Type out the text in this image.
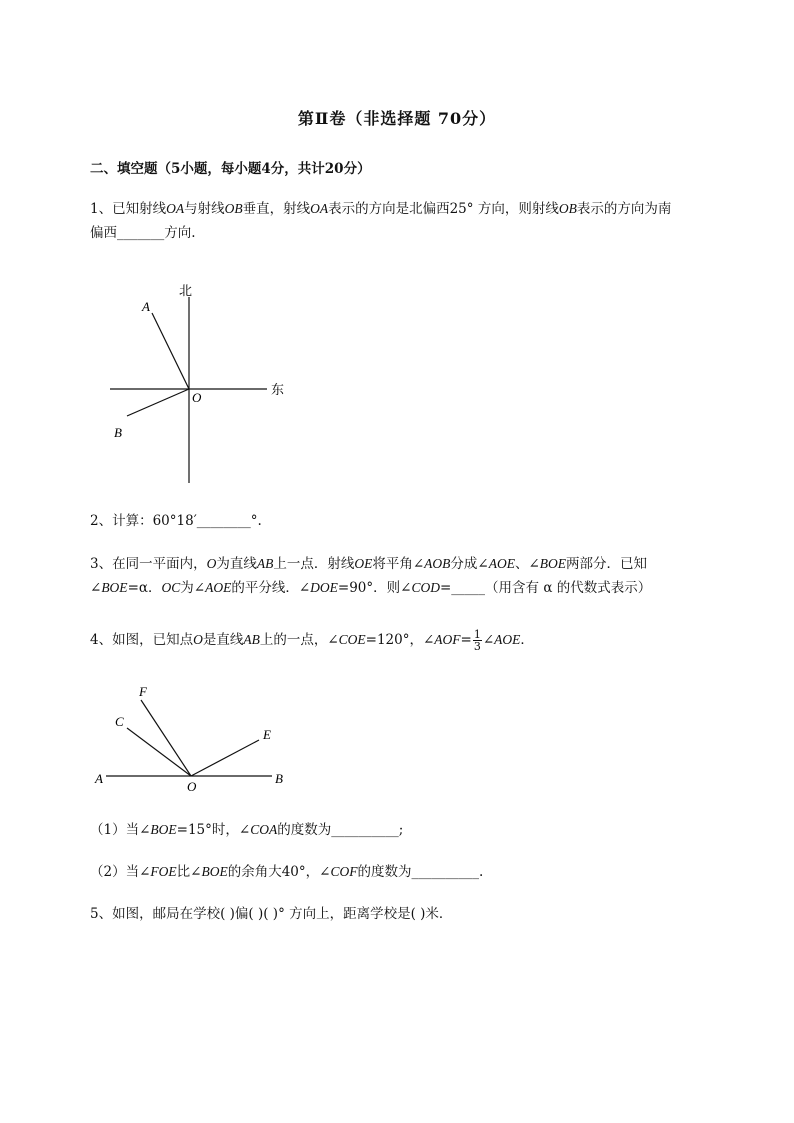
第Ⅱ卷（非选择题 70分）
二、填空题（5小题，每小题4分，共计20分）
1、已知射线OA与射线OB垂直，射线OA表示的方向是北偏西25° 方向，则射线OB表示的方向为南
偏西_______方向.
北
东
A
B
O
2、计算：60°18′________°.
3、在同一平面内，O为直线AB上一点．射线OE将平角∠AOB分成∠AOE、∠BOE两部分．已知
∠BOE=α．OC为∠AOE的平分线．∠DOE=90°．则∠COD=_____（用含有 α 的代数式表示）
4、如图，已知点O是直线AB上的一点，∠COE=120°，∠AOF= $\frac{1}{3}$ ∠AOE．
A	B
O
C
F
E
（1）当∠BOE=15°时，∠COA的度数为__________;
（2）当∠FOE比∠BOE的余角大40°，∠COF的度数为__________.
5、如图，邮局在学校( )偏( )( )° 方向上，距离学校是( )米．
